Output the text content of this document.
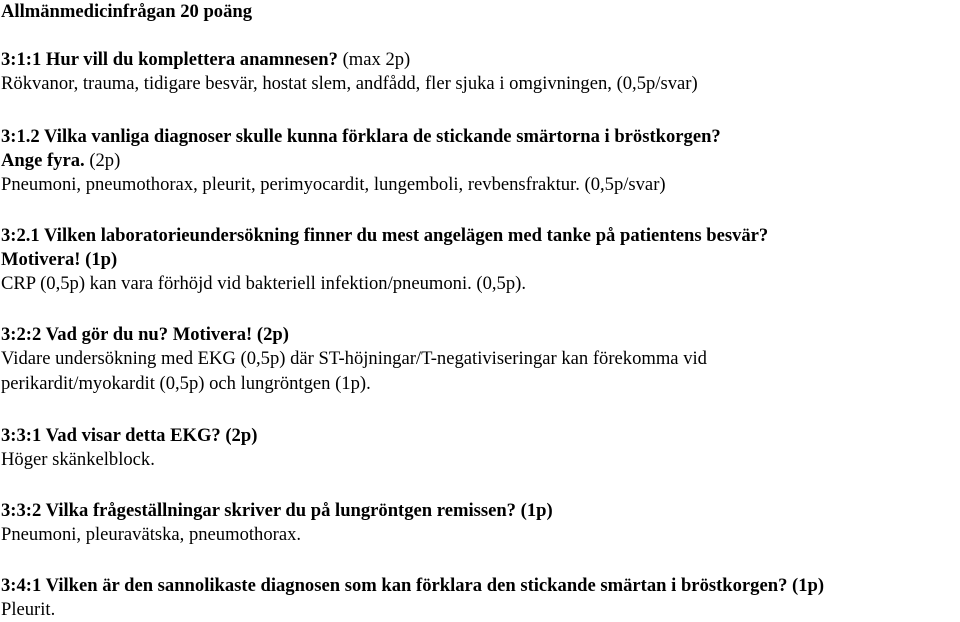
Allmänmedicinfrågan 20 poäng
3:1:1 Hur vill du komplettera anamnesen? (max 2p)
Rökvanor, trauma, tidigare besvär, hostat slem, andfådd, fler sjuka i omgivningen, (0,5p/svar)
3:1.2 Vilka vanliga diagnoser skulle kunna förklara de stickande smärtorna i bröstkorgen?
Ange fyra. (2p)
Pneumoni, pneumothorax, pleurit, perimyocardit, lungemboli, revbensfraktur. (0,5p/svar)
3:2.1 Vilken laboratorieundersökning finner du mest angelägen med tanke på patientens besvär?
Motivera! (1p)
CRP (0,5p) kan vara förhöjd vid bakteriell infektion/pneumoni. (0,5p).
3:2:2 Vad gör du nu? Motivera! (2p)
Vidare undersökning med EKG (0,5p) där ST-höjningar/T-negativiseringar kan förekomma vid
perikardit/myokardit (0,5p) och lungröntgen (1p).
3:3:1 Vad visar detta EKG? (2p)
Höger skänkelblock.
3:3:2 Vilka frågeställningar skriver du på lungröntgen remissen? (1p)
Pneumoni, pleuravätska, pneumothorax.
3:4:1 Vilken är den sannolikaste diagnosen som kan förklara den stickande smärtan i bröstkorgen? (1p)
Pleurit.
